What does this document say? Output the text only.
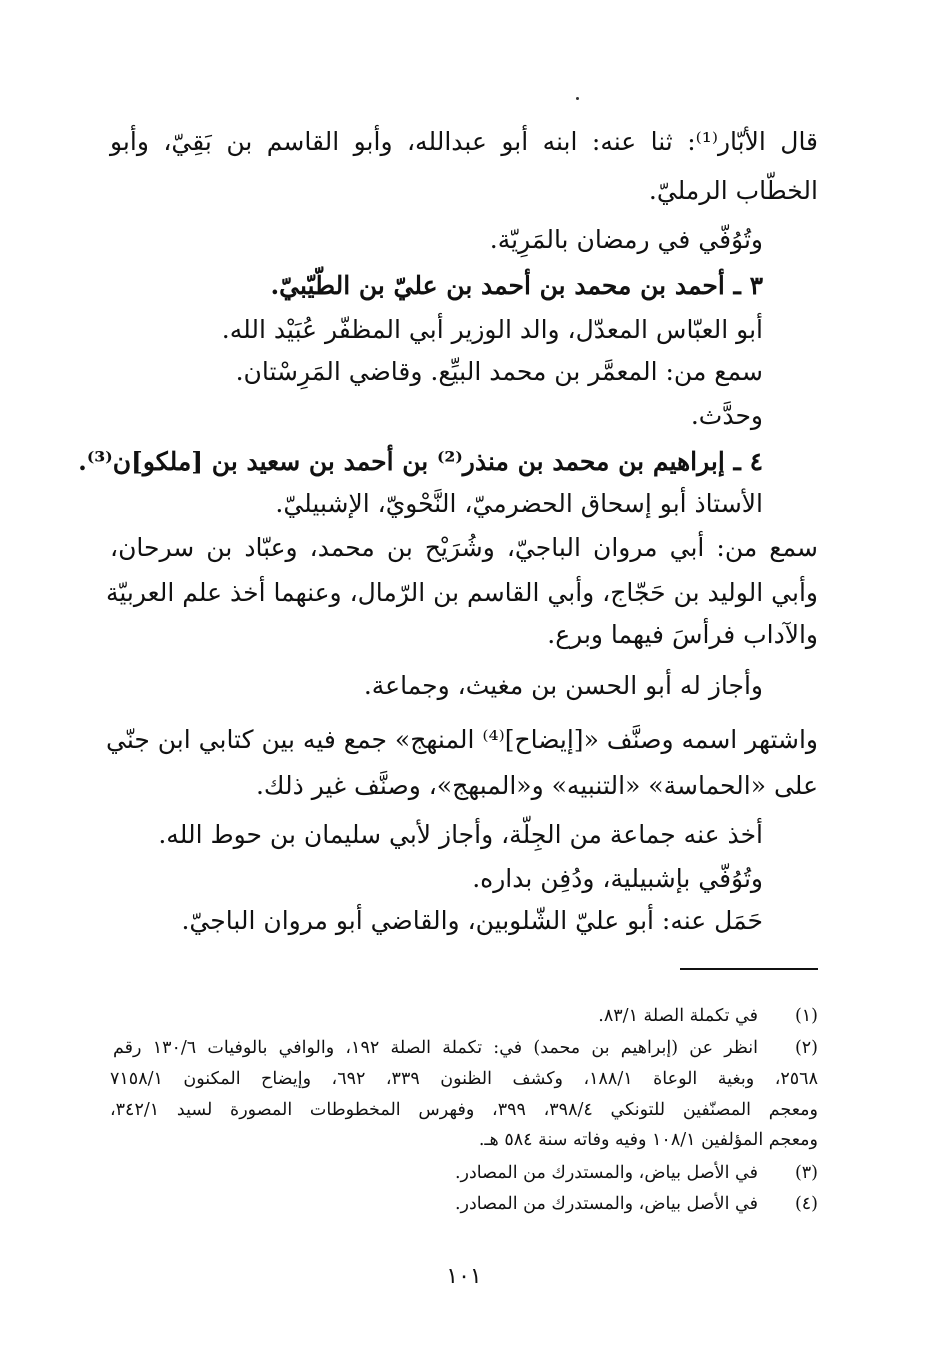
قال الأبّار⁽¹⁾: ثنا عنه: ابنه أبو عبدالله، وأبو القاسم بن بَقِيّ، وأبو
الخطّاب الرمليّ.
وتُوُفّي في رمضان بالمَرِيّة.
٣ ـ أحمد بن محمد بن أحمد بن عليّ بن الطّيّبيّ.
أبو العبّاس المعدّل، والد الوزير أبي المظفّر عُبَيْد الله.
سمع من: المعمَّر بن محمد البيِّع. وقاضي المَرِسْتان.
وحدَّث.
٤ ـ إبراهيم بن محمد بن منذر⁽²⁾ بن أحمد بن سعيد بن [ملكو]ن⁽³⁾.
الأستاذ أبو إسحاق الحضرميّ، النَّحْويّ، الإشبيليّ.
سمع من: أبي مروان الباجيّ، وشُرَيْح بن محمد، وعبّاد بن سرحان،
وأبي الوليد بن حَجّاج، وأبي القاسم بن الرّمال، وعنهما أخذ علم العربيّة
والآداب فرأسَ فيهما وبرع.
وأجاز له أبو الحسن بن مغيث، وجماعة.
واشتهر اسمه وصنَّف «[إيضاح]⁽⁴⁾ المنهج» جمع فيه بين كتابي ابن جنّي
على «الحماسة» «التنبيه» و«المبهج»، وصنَّف غير ذلك.
أخذ عنه جماعة من الجِلّة، وأجاز لأبي سليمان بن حوط الله.
وتُوُفّي بإشبيلية، ودُفِن بداره.
حَمَل عنه: أبو عليّ الشّلوبين، والقاضي أبو مروان الباجيّ.
(١)
في تكملة الصلة ٨٣/١.
(٢)
انظر عن (إبراهيم بن محمد) في: تكملة الصلة ١٩٢، والوافي بالوفيات ١٣٠/٦ رقم
٢٥٦٨، وبغية الوعاة ١٨٨/١، وكشف الظنون ٣٣٩، ٦٩٢، وإيضاح المكنون ٧١٥٨/١
ومعجم المصنّفين للتونكي ٣٩٨/٤، ٣٩٩، وفهرس المخطوطات المصورة لسيد ٣٤٢/١،
ومعجم المؤلفين ١٠٨/١ وفيه وفاته سنة ٥٨٤ هـ.
(٣)
في الأصل بياض، والمستدرك من المصادر.
(٤)
في الأصل بياض، والمستدرك من المصادر.
١٠١
